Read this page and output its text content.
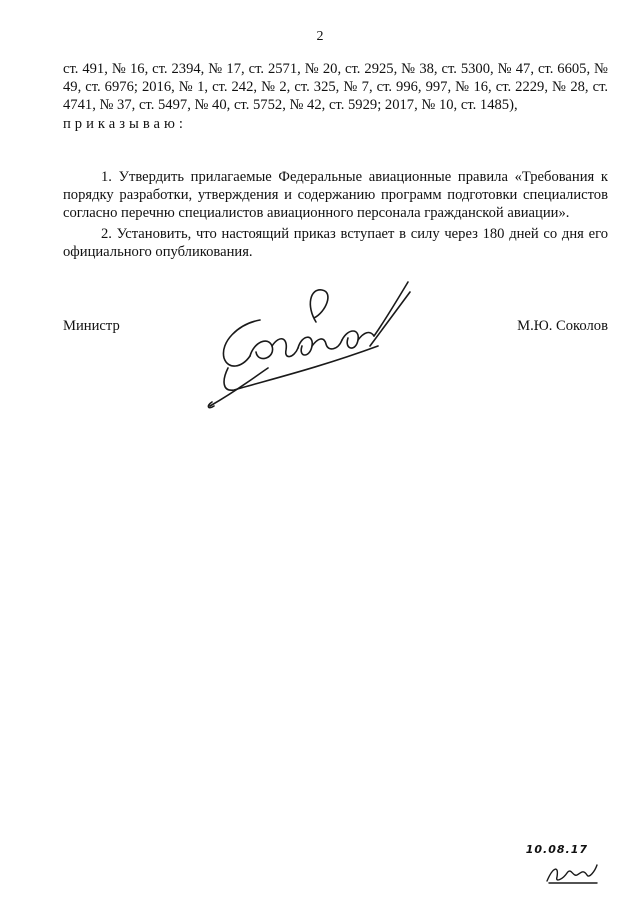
2
ст. 491, № 16, ст. 2394, № 17, ст. 2571, № 20, ст. 2925, № 38, ст. 5300, № 47, ст. 6605, № 49, ст. 6976; 2016, № 1, ст. 242, № 2, ст. 325, № 7, ст. 996, 997, № 16, ст. 2229, № 28, ст. 4741, № 37, ст. 5497, № 40, ст. 5752, № 42, ст. 5929; 2017, № 10, ст. 1485),
приказываю:

1. Утвердить прилагаемые Федеральные авиационные правила «Требования к порядку разработки, утверждения и содержанию программ подготовки специалистов согласно перечню специалистов авиационного персонала гражданской авиации».

2. Установить, что настоящий приказ вступает в силу через 180 дней со дня его официального опубликования.

Министр	М.Ю. Соколов
10.08.17
